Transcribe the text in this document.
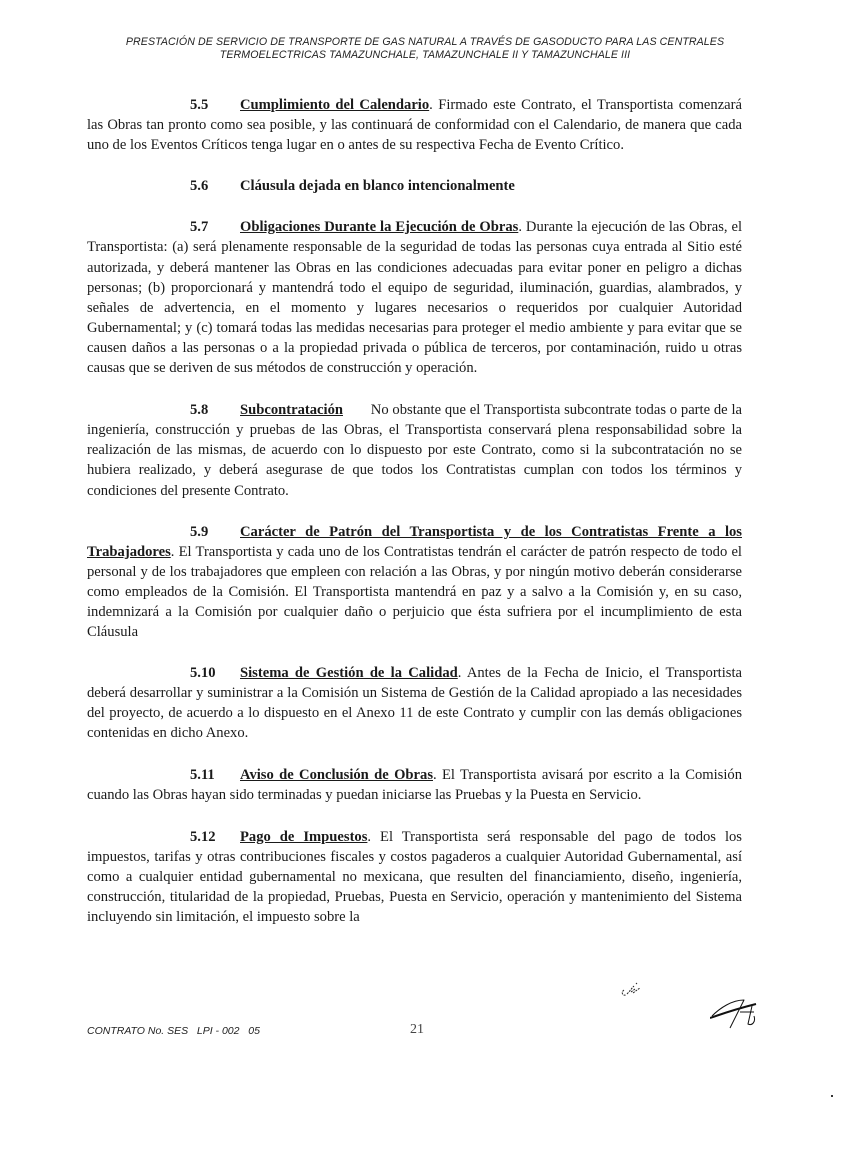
PRESTACIÓN DE SERVICIO DE TRANSPORTE DE GAS NATURAL A TRAVÉS DE GASODUCTO PARA LAS CENTRALES
TERMOELECTRICAS TAMAZUNCHALE, TAMAZUNCHALE II Y TAMAZUNCHALE III

5.5 Cumplimiento del Calendario. Firmado este Contrato, el Transportista comenzará las Obras tan pronto como sea posible, y las continuará de conformidad con el Calendario, de manera que cada uno de los Eventos Críticos tenga lugar en o antes de su respectiva Fecha de Evento Crítico.

5.6 Cláusula dejada en blanco intencionalmente

5.7 Obligaciones Durante la Ejecución de Obras. Durante la ejecución de las Obras, el Transportista: (a) será plenamente responsable de la seguridad de todas las personas cuya entrada al Sitio esté autorizada, y deberá mantener las Obras en las condiciones adecuadas para evitar poner en peligro a dichas personas; (b) proporcionará y mantendrá todo el equipo de seguridad, iluminación, guardias, alambrados, y señales de advertencia, en el momento y lugares necesarios o requeridos por cualquier Autoridad Gubernamental; y (c) tomará todas las medidas necesarias para proteger el medio ambiente y para evitar que se causen daños a las personas o a la propiedad privada o pública de terceros, por contaminación, ruido u otras causas que se deriven de sus métodos de construcción y operación.

5.8 Subcontratación No obstante que el Transportista subcontrate todas o parte de la ingeniería, construcción y pruebas de las Obras, el Transportista conservará plena responsabilidad sobre la realización de las mismas, de acuerdo con lo dispuesto por este Contrato, como si la subcontratación no se hubiera realizado, y deberá asegurase de que todos los Contratistas cumplan con todos los términos y condiciones del presente Contrato.

5.9 Carácter de Patrón del Transportista y de los Contratistas Frente a los Trabajadores. El Transportista y cada uno de los Contratistas tendrán el carácter de patrón respecto de todo el personal y de los trabajadores que empleen con relación a las Obras, y por ningún motivo deberán considerarse como empleados de la Comisión. El Transportista mantendrá en paz y a salvo a la Comisión y, en su caso, indemnizará a la Comisión por cualquier daño o perjuicio que ésta sufriera por el incumplimiento de esta Cláusula

5.10 Sistema de Gestión de la Calidad. Antes de la Fecha de Inicio, el Transportista deberá desarrollar y suministrar a la Comisión un Sistema de Gestión de la Calidad apropiado a las necesidades del proyecto, de acuerdo a lo dispuesto en el Anexo 11 de este Contrato y cumplir con las demás obligaciones contenidas en dicho Anexo.

5.11 Aviso de Conclusión de Obras. El Transportista avisará por escrito a la Comisión cuando las Obras hayan sido terminadas y puedan iniciarse las Pruebas y la Puesta en Servicio.

5.12 Pago de Impuestos. El Transportista será responsable del pago de todos los impuestos, tarifas y otras contribuciones fiscales y costos pagaderos a cualquier Autoridad Gubernamental, así como a cualquier entidad gubernamental no mexicana, que resulten del financiamiento, diseño, ingeniería, construcción, titularidad de la propiedad, Pruebas, Puesta en Servicio, operación y mantenimiento del Sistema incluyendo sin limitación, el impuesto sobre la

CONTRATO No. SES   LPI - 002   05	21
